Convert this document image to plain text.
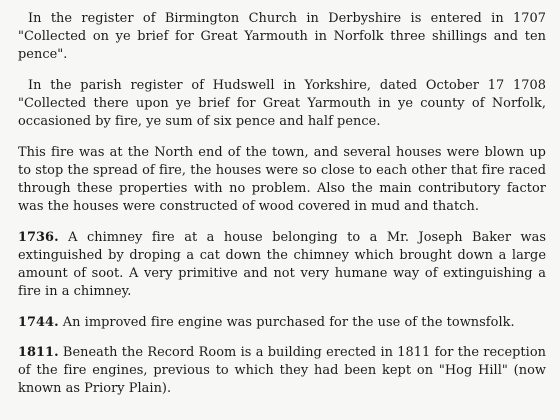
In the register of Birmington Church in Derbyshire is entered in 1707 "Collected on ye brief for Great Yarmouth in Norfolk three shillings and ten pence".

In the parish register of Hudswell in Yorkshire, dated October 17 1708 "Collected there upon ye brief for Great Yarmouth in ye county of Norfolk, occasioned by fire, ye sum of six pence and half pence.

This fire was at the North end of the town, and several houses were blown up to stop the spread of fire, the houses were so close to each other that fire raced through these properties with no problem. Also the main contributory factor was the houses were constructed of wood covered in mud and thatch.

1736. A chimney fire at a house belonging to a Mr. Joseph Baker was extinguished by droping a cat down the chimney which brought down a large amount of soot. A very primitive and not very humane way of extinguishing a fire in a chimney.

1744. An improved fire engine was purchased for the use of the townsfolk.

1811. Beneath the Record Room is a building erected in 1811 for the reception of the fire engines, previous to which they had been kept on "Hog Hill" (now known as Priory Plain).
